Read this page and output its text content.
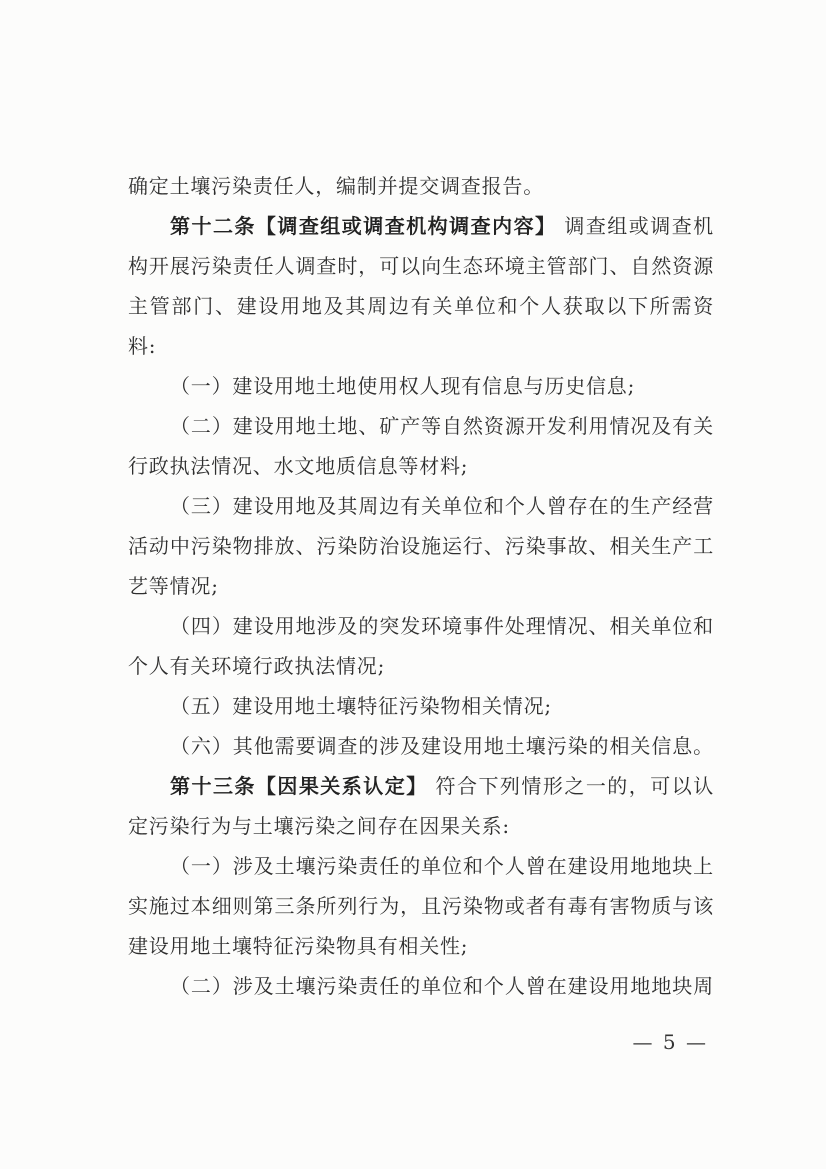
确定土壤污染责任人，编制并提交调查报告。
第十二条【调查组或调查机构调查内容】 调查组或调查机
构开展污染责任人调查时，可以向生态环境主管部门、自然资源
主管部门、建设用地及其周边有关单位和个人获取以下所需资
料:
（一）建设用地土地使用权人现有信息与历史信息;
（二）建设用地土地、矿产等自然资源开发利用情况及有关
行政执法情况、水文地质信息等材料;
（三）建设用地及其周边有关单位和个人曾存在的生产经营
活动中污染物排放、污染防治设施运行、污染事故、相关生产工
艺等情况;
（四）建设用地涉及的突发环境事件处理情况、相关单位和
个人有关环境行政执法情况;
（五）建设用地土壤特征污染物相关情况;
（六）其他需要调查的涉及建设用地土壤污染的相关信息。
第十三条【因果关系认定】 符合下列情形之一的，可以认
定污染行为与土壤污染之间存在因果关系:
（一）涉及土壤污染责任的单位和个人曾在建设用地地块上
实施过本细则第三条所列行为，且污染物或者有毒有害物质与该
建设用地土壤特征污染物具有相关性;
（二）涉及土壤污染责任的单位和个人曾在建设用地地块周
— 5 —
